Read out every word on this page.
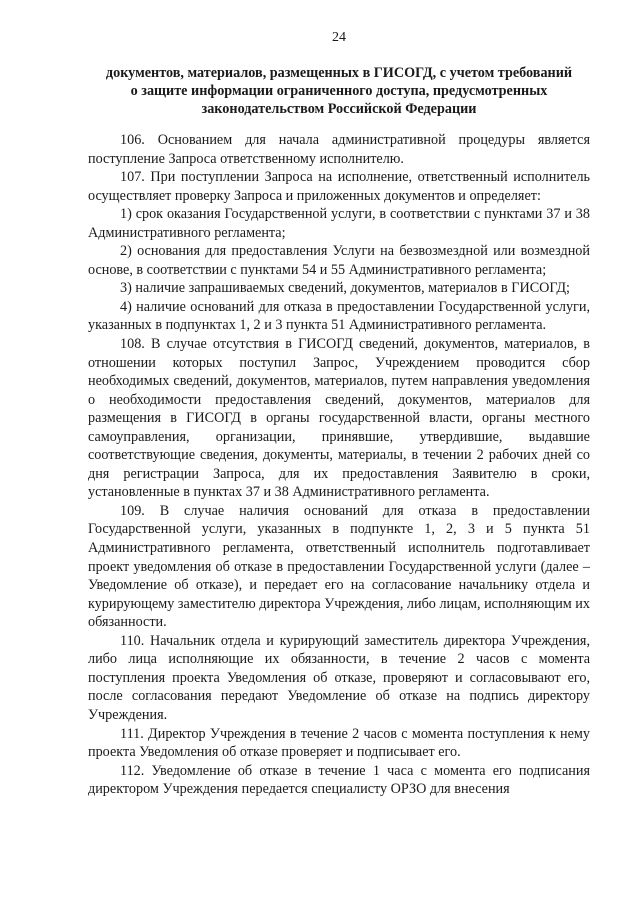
24
документов, материалов, размещенных в ГИСОГД, с учетом требований
о защите информации ограниченного доступа, предусмотренных
законодательством Российской Федерации

106. Основанием для начала административной процедуры является поступление Запроса ответственному исполнителю.

107. При поступлении Запроса на исполнение, ответственный исполнитель осуществляет проверку Запроса и приложенных документов и определяет:

1) срок оказания Государственной услуги, в соответствии с пунктами 37 и 38 Административного регламента;

2) основания для предоставления Услуги на безвозмездной или возмездной основе, в соответствии с пунктами 54 и 55 Административного регламента;

3) наличие запрашиваемых сведений, документов, материалов в ГИСОГД;

4) наличие оснований для отказа в предоставлении Государственной услуги, указанных в подпунктах 1, 2 и 3 пункта 51 Административного регламента.

108. В случае отсутствия в ГИСОГД сведений, документов, материалов, в отношении которых поступил Запрос, Учреждением проводится сбор необходимых сведений, документов, материалов, путем направления уведомления о необходимости предоставления сведений, документов, материалов для размещения в ГИСОГД в органы государственной власти, органы местного самоуправления, организации, принявшие, утвердившие, выдавшие соответствующие сведения, документы, материалы, в течении 2 рабочих дней со дня регистрации Запроса, для их предоставления Заявителю в сроки, установленные в пунктах 37 и 38 Административного регламента.

109. В случае наличия оснований для отказа в предоставлении Государственной услуги, указанных в подпункте 1, 2, 3 и 5 пункта 51 Административного регламента, ответственный исполнитель подготавливает проект уведомления об отказе в предоставлении Государственной услуги (далее – Уведомление об отказе), и передает его на согласование начальнику отдела и курирующему заместителю директора Учреждения, либо лицам, исполняющим их обязанности.

110. Начальник отдела и курирующий заместитель директора Учреждения, либо лица исполняющие их обязанности, в течение 2 часов с момента поступления проекта Уведомления об отказе, проверяют и согласовывают его, после согласования передают Уведомление об отказе на подпись директору Учреждения.

111. Директор Учреждения в течение 2 часов с момента поступления к нему проекта Уведомления об отказе проверяет и подписывает его.

112. Уведомление об отказе в течение 1 часа с момента его подписания директором Учреждения передается специалисту ОРЗО для внесения
